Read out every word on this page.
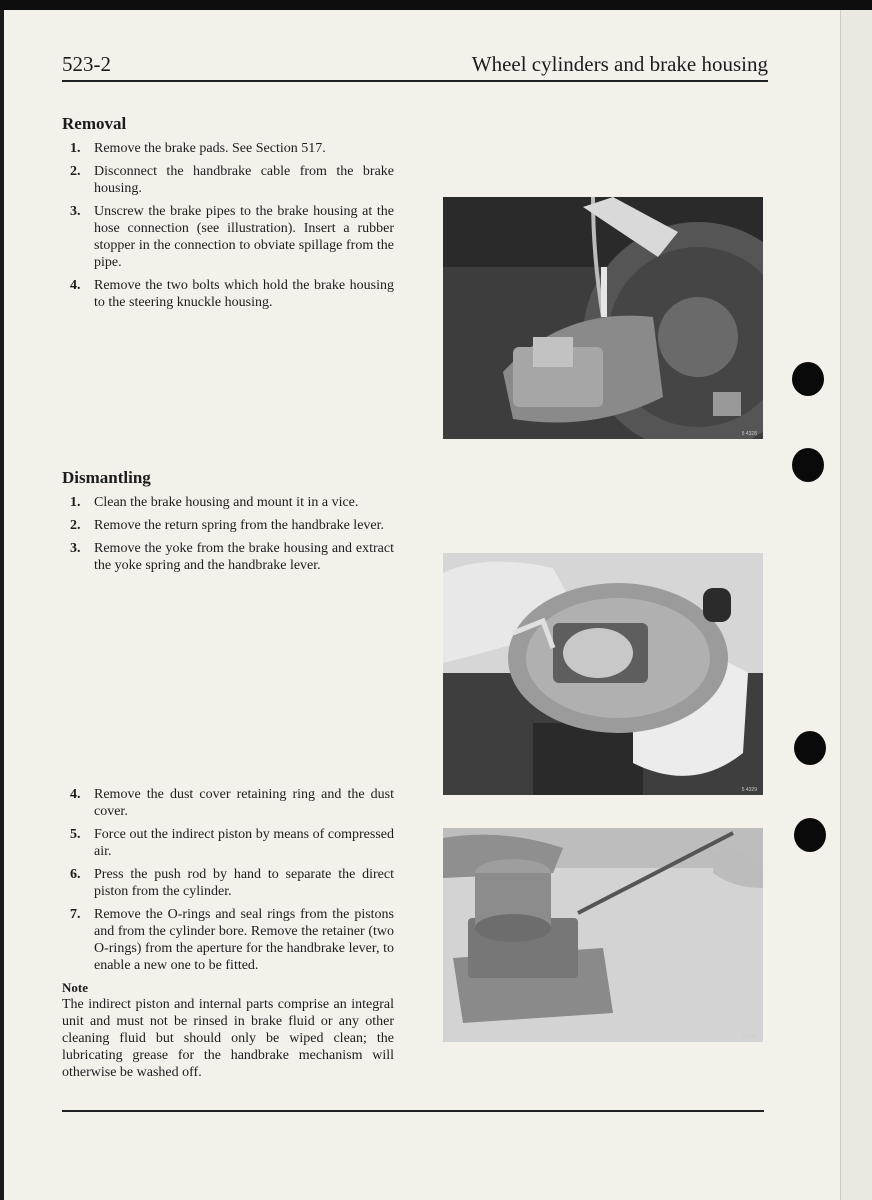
523-2	Wheel cylinders and brake housing
Removal
1. Remove the brake pads. See Section 517.
2. Disconnect the handbrake cable from the brake housing.
3. Unscrew the brake pipes to the brake housing at the hose connection (see illustration). Insert a rubber stopper in the connection to obviate spillage from the pipe.
4. Remove the two bolts which hold the brake housing to the steering knuckle housing.
Dismantling
1. Clean the brake housing and mount it in a vice.
2. Remove the return spring from the handbrake lever.
3. Remove the yoke from the brake housing and extract the yoke spring and the handbrake lever.
4. Remove the dust cover retaining ring and the dust cover.
5. Force out the indirect piston by means of compressed air.
6. Press the push rod by hand to separate the direct piston from the cylinder.
7. Remove the O-rings and seal rings from the pistons and from the cylinder bore. Remove the retainer (two O-rings) from the aperture for the handbrake lever, to enable a new one to be fitted.
Note
The indirect piston and internal parts comprise an integral unit and must not be rinsed in brake fluid or any other cleaning fluid but should only be wiped clean; the lubricating grease for the handbrake mechanism will otherwise be washed off.
5 4328
5 4329
5 4330
